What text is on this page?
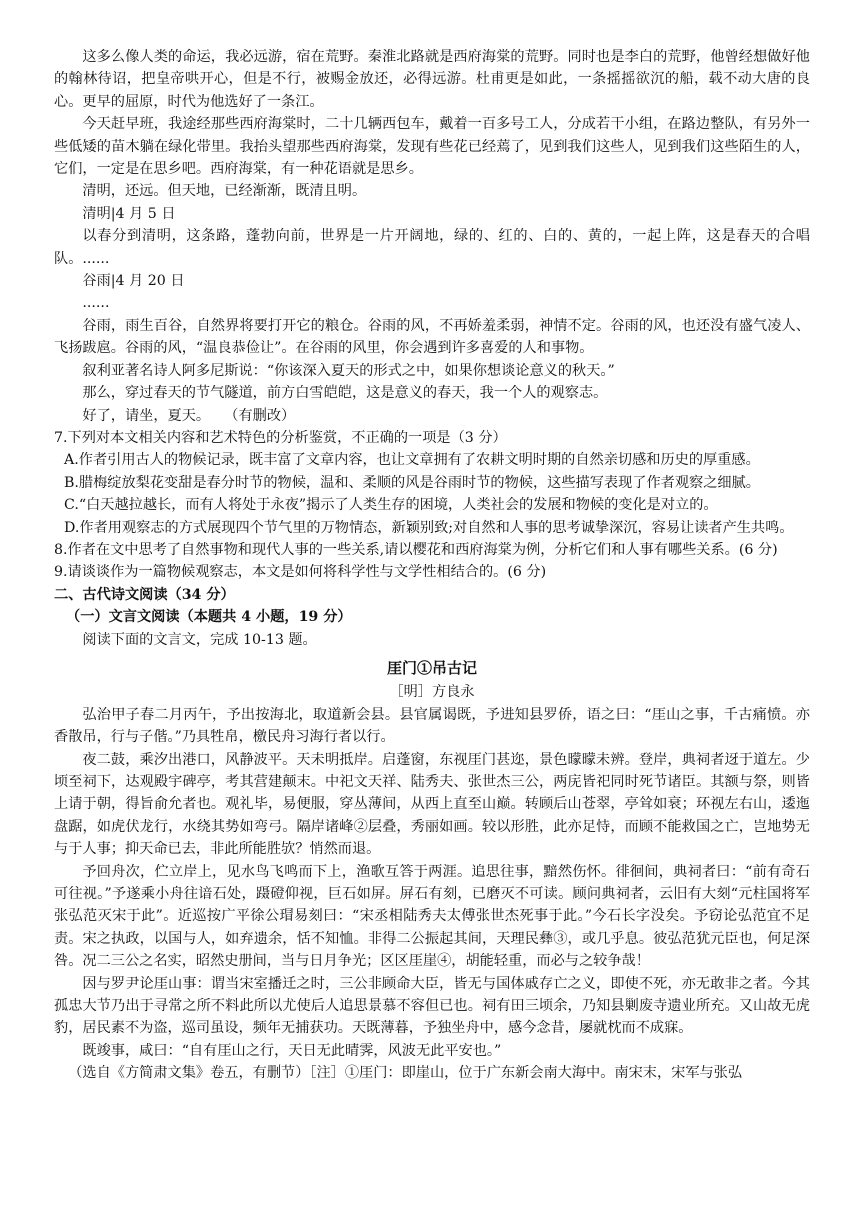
这多么像人类的命运，我必远游，宿在荒野。秦淮北路就是西府海棠的荒野。同时也是李白的荒野，他曾经想做好他的翰林待诏，把皇帝哄开心，但是不行，被赐金放还，必得远游。杜甫更是如此，一条摇摇欲沉的船，载不动大唐的良心。更早的屈原，时代为他选好了一条江。

今天赶早班，我途经那些西府海棠时，二十几辆西包车，戴着一百多号工人，分成若干小组，在路边整队，有另外一些低矮的苗木躺在绿化带里。我抬头望那些西府海棠，发现有些花已经蔫了，见到我们这些人，见到我们这些陌生的人，它们，一定是在思乡吧。西府海棠，有一种花语就是思乡。

清明，还远。但天地，已经渐渐，既清且明。

清明|4 月 5 日

以春分到清明，这条路，蓬勃向前，世界是一片开阔地，绿的、红的、白的、黄的，一起上阵，这是春天的合唱队。......

谷雨|4 月 20 日

......

谷雨，雨生百谷，自然界将要打开它的粮仓。谷雨的风，不再娇羞柔弱，神情不定。谷雨的风，也还没有盛气凌人、飞扬跋扈。谷雨的风，“温良恭俭让”。在谷雨的风里，你会遇到许多喜爱的人和事物。

叙利亚著名诗人阿多尼斯说：“你该深入夏天的形式之中，如果你想谈论意义的秋天。”

那么，穿过春天的节气隧道，前方白雪皑皑，这是意义的春天，我一个人的观察志。

好了，请坐，夏天。　　（有删改）

7.下列对本文相关内容和艺术特色的分析鉴赏，不正确的一项是（3 分）

A.作者引用古人的物候记录，既丰富了文章内容，也让文章拥有了农耕文明时期的自然亲切感和历史的厚重感。

B.腊梅绽放梨花变甜是春分时节的物候，温和、柔顺的风是谷雨时节的物候，这些描写表现了作者观察之细腻。

C.“白天越拉越长，而有人将处于永夜”揭示了人类生存的困境，人类社会的发展和物候的变化是对立的。

D.作者用观察志的方式展现四个节气里的万物情态，新颖别致;对自然和人事的思考诚挚深沉，容易让读者产生共鸣。

8.作者在文中思考了自然事物和现代人事的一些关系,请以樱花和西府海棠为例，分析它们和人事有哪些关系。(6 分)

9.请谈谈作为一篇物候观察志，本文是如何将科学性与文学性相结合的。(6 分)

二、古代诗文阅读（34 分）

（一）文言文阅读（本题共 4 小题，19 分）

阅读下面的文言文，完成 10-13 题。

厓门①吊古记

［明］方良永

弘治甲子春二月丙午，予出按海北，取道新会县。县官属谒既，予进知县罗侨，语之曰：“厓山之事，千古痛愤。亦香散吊，行与子偕。”乃具牲帛，檄民舟习海行者以行。

夜二鼓，乘汐出港口，风静波平。天未明抵岸。启蓬窗，东视厓门甚迩，景色曚曚未辨。登岸，典祠者迓于道左。少顷至祠下，达观殿宇碑亭，考其营建颠末。中祀文天祥、陆秀夫、张世杰三公，两庑皆祀同时死节诸臣。其额与祭，则皆上请于朝，得旨俞允者也。观礼毕，易便服，穿丛薄间，从西上直至山巅。转顾后山苍翠，亭耸如衰；环视左右山，逶迤盘踞，如虎伏龙行，水绕其势如弯弓。隔岸诸峰②层叠，秀丽如画。较以形胜，此亦足恃，而顾不能救国之亡，岂地势无与于人事；抑天命已去，非此所能胜欤？悄然而退。

予回舟次，伫立岸上，见水鸟飞鸣而下上，渔歌互答于两涯。追思往事，黯然伤怀。徘徊间，典祠者曰：“前有奇石可往视。”予遂乘小舟往谙石处，蹑磴仰视，巨石如屏。屏石有刻，已磨灭不可读。顾问典祠者，云旧有大刻“元柱国将军张弘范灭宋于此”。近巡按广平徐公瑁易刻曰：“宋丞相陆秀夫太傅张世杰死事于此。”今石长字没矣。予窃论弘范宜不足责。宋之执政，以国与人，如弃遗余，恬不知恤。非得二公振起其间，天理民彝③，或几乎息。彼弘范犹元臣也，何足深咎。况二三公之名实，昭然史册间，当与日月争光；区区厓崖④，胡能轻重，而必与之较争哉！

因与罗尹论厓山事：谓当宋室播迁之时，三公非顾命大臣，皆无与国体戚存亡之义，即使不死，亦无敢非之者。今其孤忠大节乃出于寻常之所不料此所以尤使后人追思景慕不容但已也。祠有田三顷余，乃知县剿废寺遗业所充。又山故无虎豹，居民素不为盗，巡司虽设，频年无捕获功。天既薄暮，予独坐舟中，感今念昔，屡就枕而不成寐。

既竣事，咸曰：“自有厓山之行，天日无此晴霁，风波无此平安也。”

（选自《方简肃文集》卷五，有删节）［注］①厓门：即崖山，位于广东新会南大海中。南宋末，宋军与张弘
